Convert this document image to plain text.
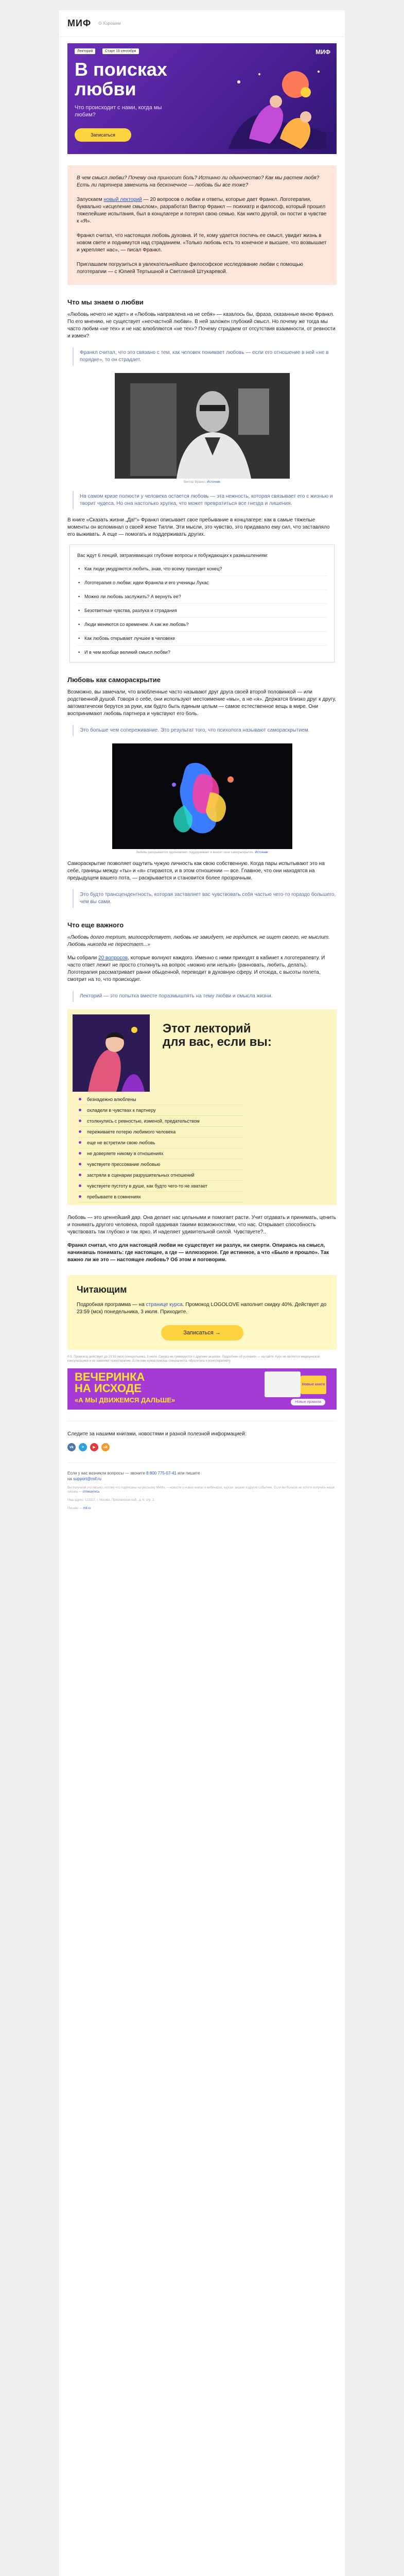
МИФ О Хорошем
Лекторий	Старт 19 сентября	МИФ
В поисках
любви
Что происходит с нами, когда мы любим?
Записаться

В чем смысл любви? Почему она приносит боль? Истинно ли одиночество? Как мы растем любя? Есть ли партнера заменить на бесконечное — любовь бы все тоже?

Запускаем новый лекторий — 20 вопросов о любви и ответы, которые дает Франкл. Логотерапия, буквально «исцеление смыслом», разработал Виктор Франкл — психиатр и философ, который прошел тяжелейшие испытания, был в концлагере и потерял свою семью. Как никто другой, он постиг в чувстве к «Я».

Франкл считал, что настоящая любовь духовна. И те, кому удается постичь ее смысл, увидит жизнь в новом свете и поднимутся над страданием. «Только любовь есть то конечное и высшее, что возвышает и укрепляет нас», — писал Франкл.

Приглашаем погрузиться в увлекательнейшее философское исследование любви с помощью логотерапии — с Юлией Тертышной и Светланой Штукаревой.

Что мы знаем о любви

«Любовь нечего не ждет» и «Любовь направлена на не себя» — казалось бы, фраза, сказанные мною Франкл. По его мнению, не существует «несчастной любви». В ней заложен глубокий смысл. Но почему же тогда мы часто любим «не тех» и не нас влюбляются «не тех»? Почему страдаем от отсутствия взаимности, от ревности и измен?

Франкл считал, что это связано с тем, как человек понимает любовь — если его отношение в ней «не в порядке», то он страдает.
Виктор Франкл. Источник
На самом кризе полюсти у человека остается любовь — эта нежность, которая связывает его с жизнью и творит чудеса. Но она настолько хрупка, что может превратиться все гнезда и лишения.

В книге «Сказать жизни „Да!“» Франкл описывает свое пребывание в концлагере: как в самые тяжелые моменты он вспоминал о своей жене Тилли. Эти мысли, это чувство, это придавало ему сил, что заставляло его выживать. А еще — помогать и поддерживать других.

Вас ждут 6 лекций, затрагивающих глубокие вопросы и побуждающих к размышлениям:

• Как люди умудряются любить, знав, что всему приходит конец?
• Логотерапия о любви: идеи Франкла и его ученицы Лукас
• Можно ли любовь заслужить? А вернуть ее?
• Безответные чувства, разлука и страдания
• Люди меняются со временем. А как же любовь?
• Как любовь открывает лучшее в человеке
• И в чем вообще великий смысл любви?
Любовь как самораскрытие

Возможно, вы замечали, что влюбленные часто называют друг друга своей второй половинкой — или родственной душой. Говоря о себе, они используют местоимение «мы», а не «я». Держатся близко друг к другу, автоматически берутся за руки, как будто быть единым целым — самое естественное вещь в мире. Они воспринимают любовь партнера и чувствуют его боль.

Это больше чем сопереживание. Это результат того, что психолога называют самораскрытием.
Любовь раскрывается, вдохновляет, поддерживает и вносит свое самораскрытие. Источник

Самораскрытие позволяет ощутить чужую личность как свою собственную. Когда пары испытывают это на себе, границы между «ты» и «я» стираются, и в этом отношении — все. Главное, что они находятся на предыдущем вашего пота, — раскрывается и становится более прозрачным.

Это будто трансцендентность, которая заставляет вас чувствовать себя частью чего-то гораздо большего, чем вы сами.
Что еще важного

«Любовь долго терпит, милосердствует, любовь не завидует, не гордится, не ищет своего, не мыслит. Любовь никогда не перестает...»

Мы собрали 20 вопросов, которые волнуют каждого. Именно с ними приходят в кабинет к логотерапевту. И часто ответ лежит не просто столкнуть на вопрос «можно или нельзя» (ранновать, любить, делать). Логотерапия рассматривает ранни обыденной, переводит в духовную сферу. И отсюда, с высоты полета, смотрит на то, что происходит.

Лекторий — это попытка вместе поразмышлять на тему любви и смысла жизни.
Этот лекторий
для вас, если вы:
безнадежно влюблены
охладели в чувствах к партнеру
столкнулись с ревностью, изменой, предательством
переживаете потерю любимого человека
еще не встретили свою любовь
не доверяете никому в отношениях
чувствуете прессование любовью
застряли в сценарии разрушительных отношений
чувствуете пустоту в душе, как будто чего-то не хватает
пребываете в сомнениях

Любовь — это ценнейший дар. Она делает нас цельными и помогает расти. Учит отдавать и принимать, ценить и понимать другого человека, порой одаривая такими возможностями, что нас. Открывает способность чувствовать так глубоко и так ярко. И наделяет удивительной силой. Чувствуете?..

Франкл считал, что для настоящей любви не существует ни разлук, ни смерти. Опираясь на смысл, начинаешь понимать: где настоящее, а где — иллюзорное. Где истинное, а что «Было и прошло». Так важно ли же это — настоящее любовь? Об этом и поговорим.

Читающим

Подробная программа — на странице курса. Промокод LOGOLOVE наполнит скидку 40%. Действует до 23:59 (мск) понедельника, 3 июля. Приходите.

Записаться →

P.S. Промокод действует до 23:59 (мск) понедельника, 3 июля. Скидка не суммируется с другими акциями. Подробнее об условиях — на сайте. Курс не является медицинской консультацией и не заменяет психотерапию. Если вам нужна помощь специалиста, обратитесь к психотерапевту.

ВЕЧЕРИНКА
НА ИСХОДЕ
«А МЫ ДВИЖЕМСЯ ДАЛЬШЕ»
Новые книги
Новые правила

Следите за нашими книгами, новостями и разной полезной информацией:

vk	✈	▶	ok

Если у вас возникли вопросы — звоните 8 800 775-07-41 или пишите

на support@mif.ru

Вы получили это письмо, потому что подписаны на рассылку МИФа — новости о новых книгах и вебинарах, курсах, акциях и других событиях. Если вы больше не хотите получать наши письма — отпишитесь

Наш адрес: 123317, г. Москва, Пресненская наб., д. 6, стр. 2.

Письмо — mif.ru
